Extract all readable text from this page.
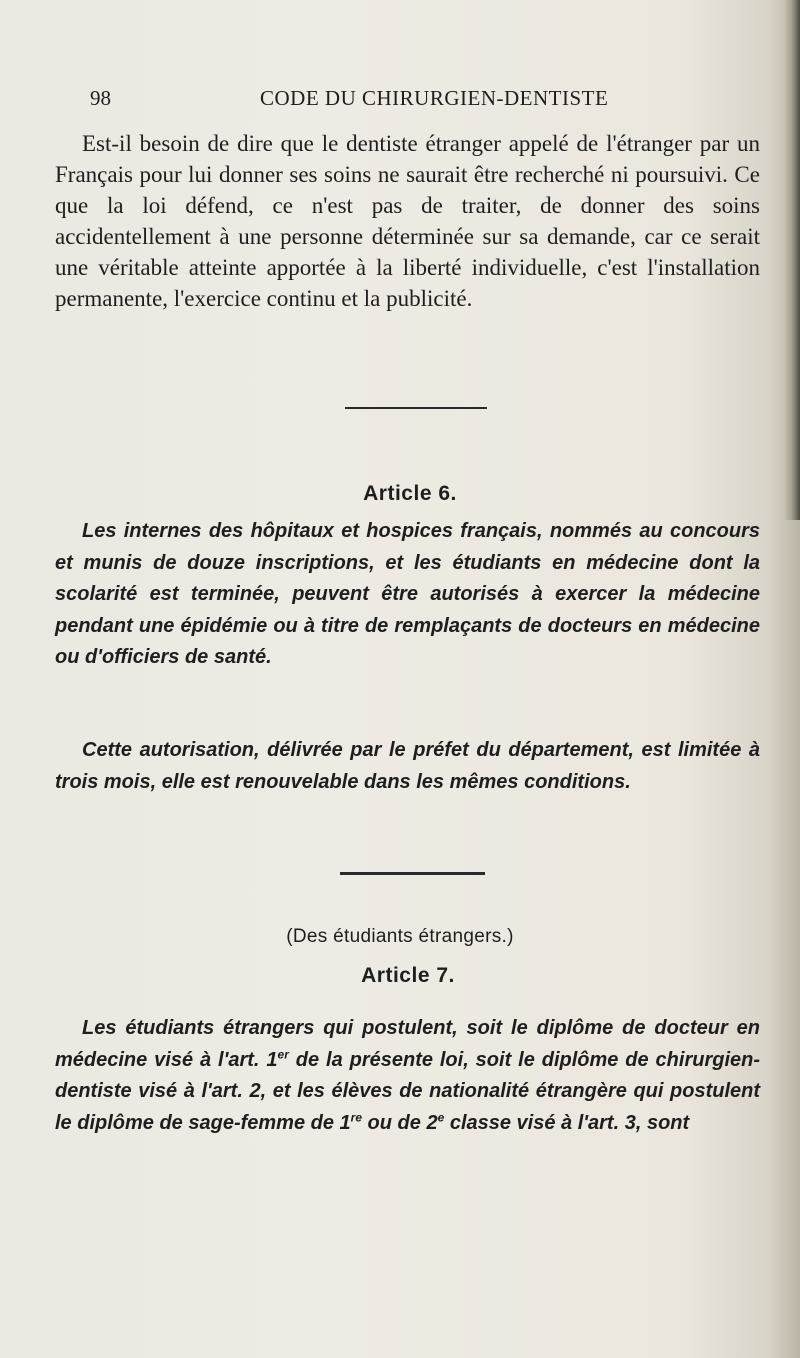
98	CODE DU CHIRURGIEN-DENTISTE

Est-il besoin de dire que le dentiste étranger appelé de l'étranger par un Français pour lui donner ses soins ne saurait être recherché ni poursuivi. Ce que la loi défend, ce n'est pas de traiter, de donner des soins accidentellement à une personne déterminée sur sa demande, car ce serait une véritable atteinte apportée à la liberté individuelle, c'est l'installation permanente, l'exercice continu et la publicité.

Article 6.

Les internes des hôpitaux et hospices français, nommés au concours et munis de douze inscriptions, et les étudiants en médecine dont la scolarité est terminée, peuvent être autorisés à exercer la médecine pendant une épidémie ou à titre de remplaçants de docteurs en médecine ou d'officiers de santé.

Cette autorisation, délivrée par le préfet du département, est limitée à trois mois, elle est renouvelable dans les mêmes conditions.

(Des étudiants étrangers.)
Article 7.

Les étudiants étrangers qui postulent, soit le diplôme de docteur en médecine visé à l'art. 1er de la présente loi, soit le diplôme de chirurgien-dentiste visé à l'art. 2, et les élèves de nationalité étrangère qui postulent le diplôme de sage-femme de 1re ou de 2e classe visé à l'art. 3, sont
